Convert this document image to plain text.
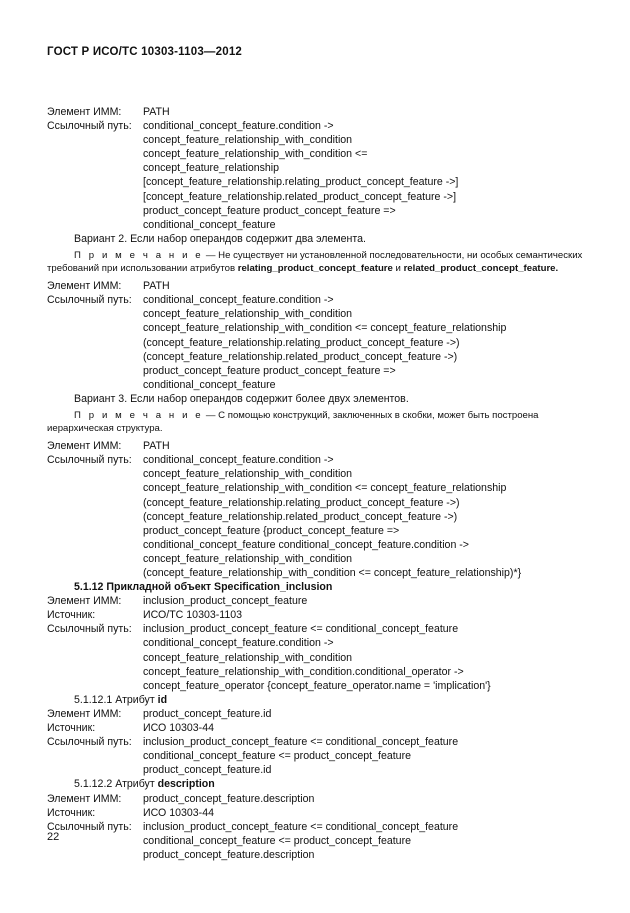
ГОСТ Р ИСО/ТС 10303-1103—2012
Элемент ИММ:	PATH
Ссылочный путь:	conditional_concept_feature.condition ->
concept_feature_relationship_with_condition
concept_feature_relationship_with_condition <=
concept_feature_relationship
[concept_feature_relationship.relating_product_concept_feature ->]
[concept_feature_relationship.related_product_concept_feature ->]
product_concept_feature product_concept_feature =>
conditional_concept_feature
Вариант 2. Если набор операндов содержит два элемента.
П р и м е ч а н и е — Не существует ни установленной последовательности, ни особых семантических требований при использовании атрибутов relating_product_concept_feature и related_product_concept_feature.
Элемент ИММ:	PATH
Ссылочный путь:	conditional_concept_feature.condition ->
concept_feature_relationship_with_condition
concept_feature_relationship_with_condition <= concept_feature_relationship
(concept_feature_relationship.relating_product_concept_feature ->)
(concept_feature_relationship.related_product_concept_feature ->)
product_concept_feature product_concept_feature =>
conditional_concept_feature
Вариант 3. Если набор операндов содержит более двух элементов.
П р и м е ч а н и е — С помощью конструкций, заключенных в скобки, может быть построена иерархическая структура.
Элемент ИММ:	PATH
Ссылочный путь:	conditional_concept_feature.condition ->
concept_feature_relationship_with_condition
concept_feature_relationship_with_condition <= concept_feature_relationship
(concept_feature_relationship.relating_product_concept_feature ->)
(concept_feature_relationship.related_product_concept_feature ->)
product_concept_feature {product_concept_feature =>
conditional_concept_feature conditional_concept_feature.condition ->
concept_feature_relationship_with_condition
(concept_feature_relationship_with_condition <= concept_feature_relationship)*}
5.1.12 Прикладной объект Specification_inclusion
Элемент ИММ:	inclusion_product_concept_feature
Источник:	ИСО/ТС 10303-1103
Ссылочный путь:	inclusion_product_concept_feature <= conditional_concept_feature
conditional_concept_feature.condition ->
concept_feature_relationship_with_condition
concept_feature_relationship_with_condition.conditional_operator ->
concept_feature_operator {concept_feature_operator.name = 'implication'}
5.1.12.1 Атрибут id
Элемент ИММ:	product_concept_feature.id
Источник:	ИСО 10303-44
Ссылочный путь:	inclusion_product_concept_feature <= conditional_concept_feature
conditional_concept_feature <= product_concept_feature
product_concept_feature.id
5.1.12.2 Атрибут description
Элемент ИММ:	product_concept_feature.description
Источник:	ИСО 10303-44
Ссылочный путь:	inclusion_product_concept_feature <= conditional_concept_feature
conditional_concept_feature <= product_concept_feature
product_concept_feature.description
22
